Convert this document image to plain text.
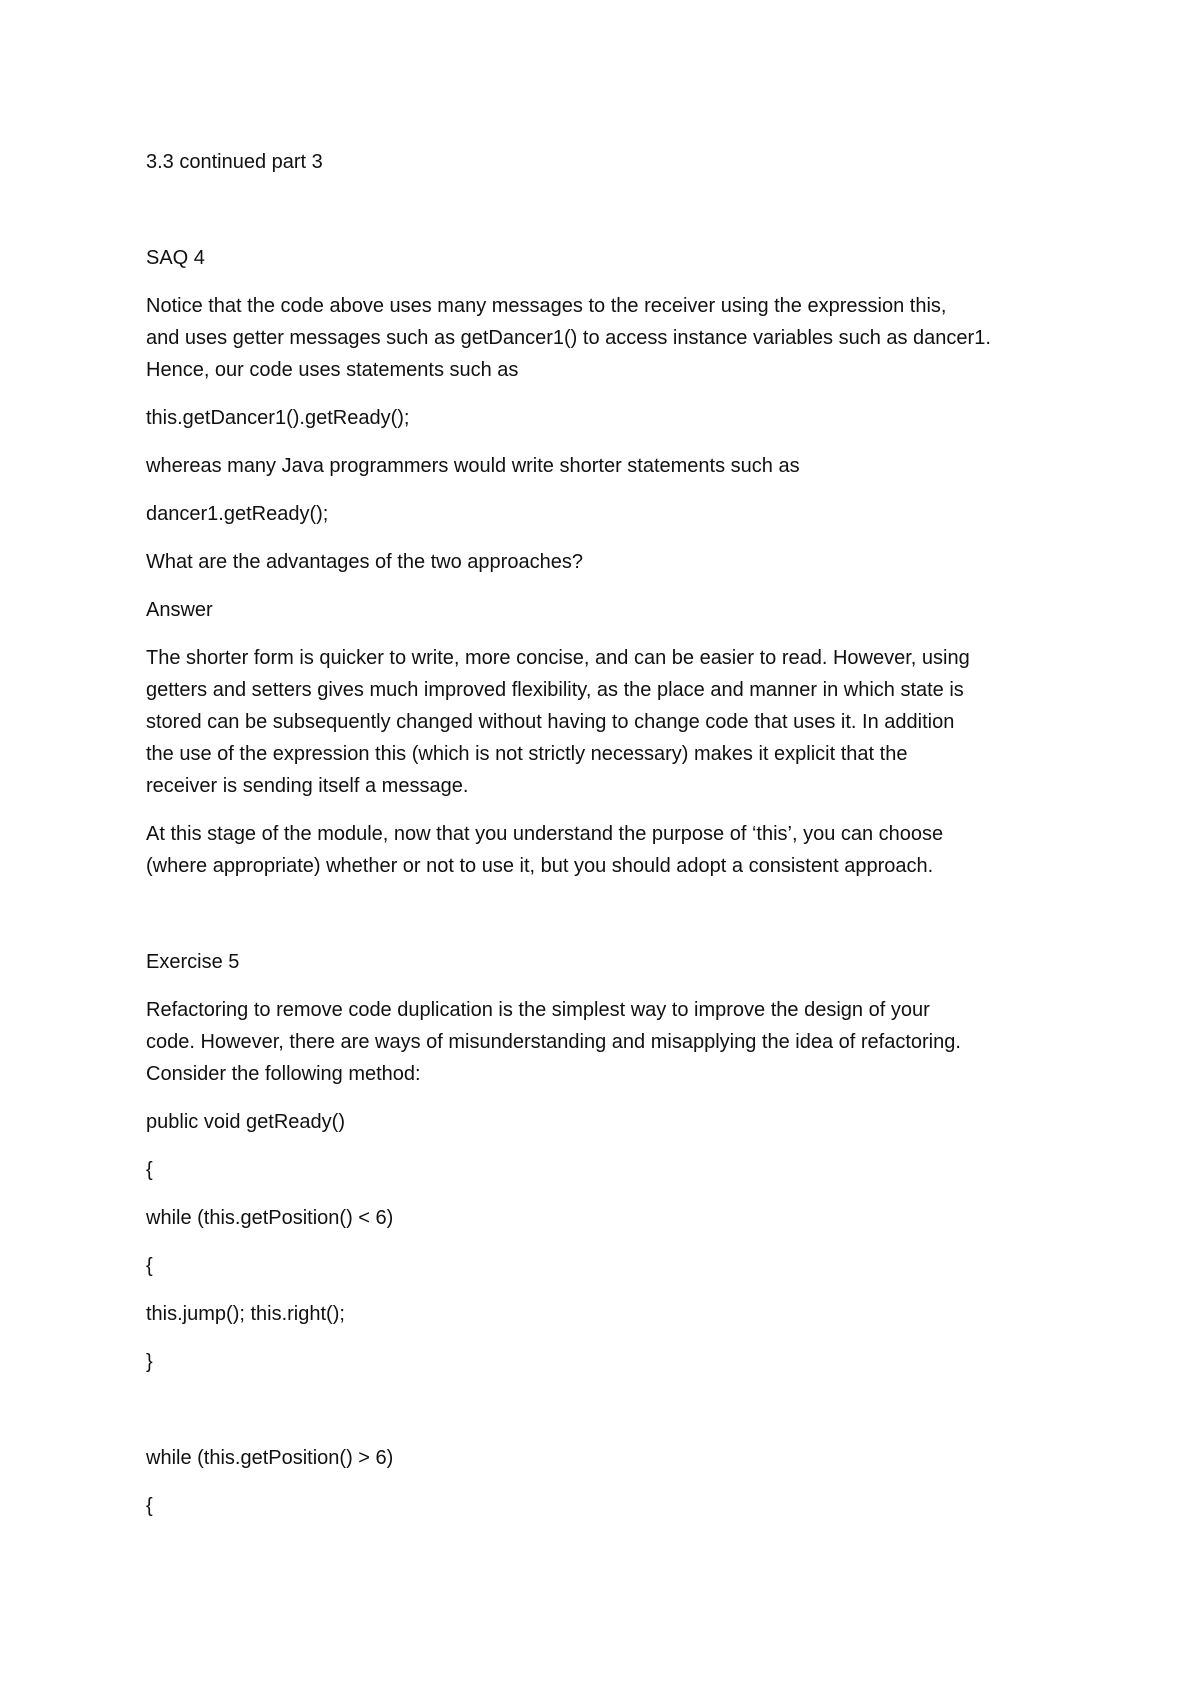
3.3 continued part 3

SAQ 4

Notice that the code above uses many messages to the receiver using the expression this,

and uses getter messages such as getDancer1() to access instance variables such as dancer1.

Hence, our code uses statements such as

this.getDancer1().getReady();

whereas many Java programmers would write shorter statements such as

dancer1.getReady();

What are the advantages of the two approaches?

Answer

The shorter form is quicker to write, more concise, and can be easier to read. However, using

getters and setters gives much improved flexibility, as the place and manner in which state is

stored can be subsequently changed without having to change code that uses it. In addition

the use of the expression this (which is not strictly necessary) makes it explicit that the

receiver is sending itself a message.

At this stage of the module, now that you understand the purpose of ‘this’, you can choose

(where appropriate) whether or not to use it, but you should adopt a consistent approach.

Exercise 5

Refactoring to remove code duplication is the simplest way to improve the design of your

code. However, there are ways of misunderstanding and misapplying the idea of refactoring.

Consider the following method:

public void getReady()

{

while (this.getPosition() < 6)

{

this.jump(); this.right();

}

while (this.getPosition() > 6)

{
